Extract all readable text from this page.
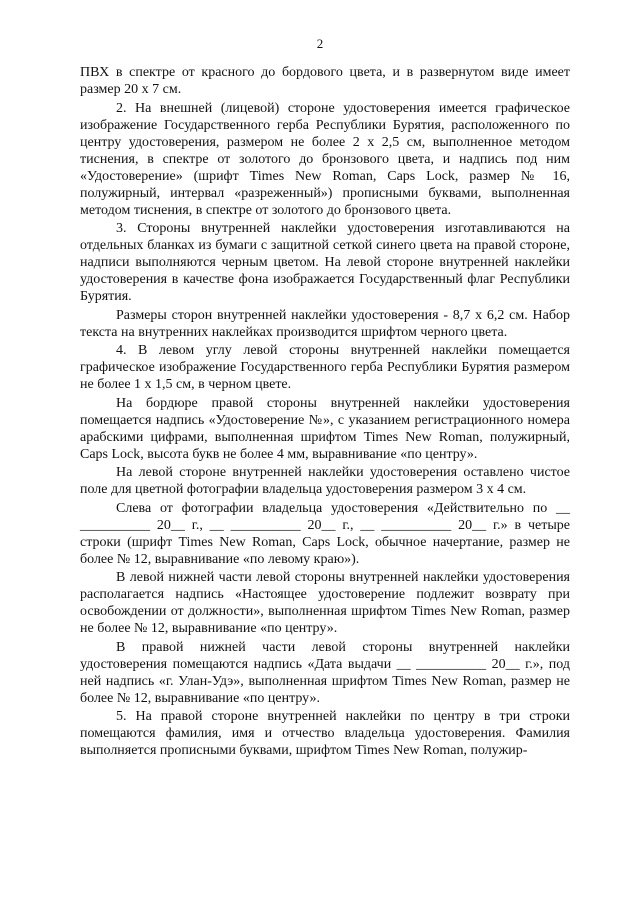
2

ПВХ в спектре от красного до бордового цвета, и в развернутом виде имеет размер 20 х 7 см.

2. На внешней (лицевой) стороне удостоверения имеется графическое изображение Государственного герба Республики Бурятия, расположенного по центру удостоверения, размером не более 2 х 2,5 см, выполненное методом тиснения, в спектре от золотого до бронзового цвета, и надпись под ним «Удостоверение» (шрифт Times New Roman, Caps Lock, размер № 16, полужирный, интервал «разреженный») прописными буквами, выполненная методом тиснения, в спектре от золотого до бронзового цвета.

3. Стороны внутренней наклейки удостоверения изготавливаются на отдельных бланках из бумаги с защитной сеткой синего цвета на правой стороне, надписи выполняются черным цветом. На левой стороне внутренней наклейки удостоверения в качестве фона изображается Государственный флаг Республики Бурятия.

Размеры сторон внутренней наклейки удостоверения - 8,7 х 6,2 см. Набор текста на внутренних наклейках производится шрифтом черного цвета.

4. В левом углу левой стороны внутренней наклейки помещается графическое изображение Государственного герба Республики Бурятия размером не более 1 х 1,5 см, в черном цвете.

На бордюре правой стороны внутренней наклейки удостоверения помещается надпись «Удостоверение №», с указанием регистрационного номера арабскими цифрами, выполненная шрифтом Times New Roman, полужирный, Caps Lock, высота букв не более 4 мм, выравнивание «по центру».

На левой стороне внутренней наклейки удостоверения оставлено чистое поле для цветной фотографии владельца удостоверения размером 3 х 4 см.

Слева от фотографии владельца удостоверения «Действительно по __ __________ 20__ г., __ __________ 20__ г., __ __________ 20__ г.» в четыре строки (шрифт Times New Roman, Caps Lock, обычное начертание, размер не более № 12, выравнивание «по левому краю»).

В левой нижней части левой стороны внутренней наклейки удостоверения располагается надпись «Настоящее удостоверение подлежит возврату при освобождении от должности», выполненная шрифтом Times New Roman, размер не более № 12, выравнивание «по центру».

В правой нижней части левой стороны внутренней наклейки удостоверения помещаются надпись «Дата выдачи __ __________ 20__ г.», под ней надпись «г. Улан-Удэ», выполненная шрифтом Times New Roman, размер не более № 12, выравнивание «по центру».

5. На правой стороне внутренней наклейки по центру в три строки помещаются фамилия, имя и отчество владельца удостоверения. Фамилия выполняется прописными буквами, шрифтом Times New Roman, полужир-
